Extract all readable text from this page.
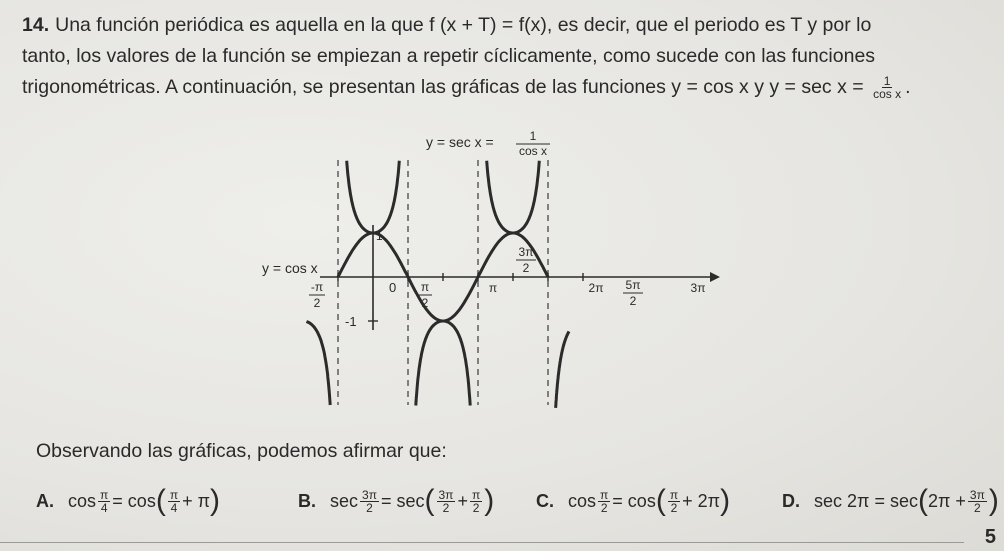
14. Una función periódica es aquella en la que f (x + T) = f(x), es decir, que el periodo es T y por lo

tanto, los valores de la función se empiezan a repetir cíclicamente, como sucede con las funciones

trigonométricas. A continuación, se presentan las gráficas de las funciones y = cos x y $y = \sec x = \frac{1}{\text{cos x}}$ .

y = sec x =	1
cos x
y = cos x
1
-1
-π
2
0 π
2
π
3π
2
2π 5π
2
3π
Observando las gráficas, podemos afirmar que:
A. $\cos \frac{\pi}{4} = \cos$ ( $\frac{\pi}{4} + \pi$ )	B. $\sec \frac{3\pi}{2} = \sec$ ( $\frac{3\pi}{2} + \frac{\pi}{2}$ ) C. $\cos \frac{\pi}{2} = \cos$ ( $\frac{\pi}{2} + 2\pi$ )	D. sec 2π = sec ( $2\pi + \frac{3\pi}{2}$ )
5
